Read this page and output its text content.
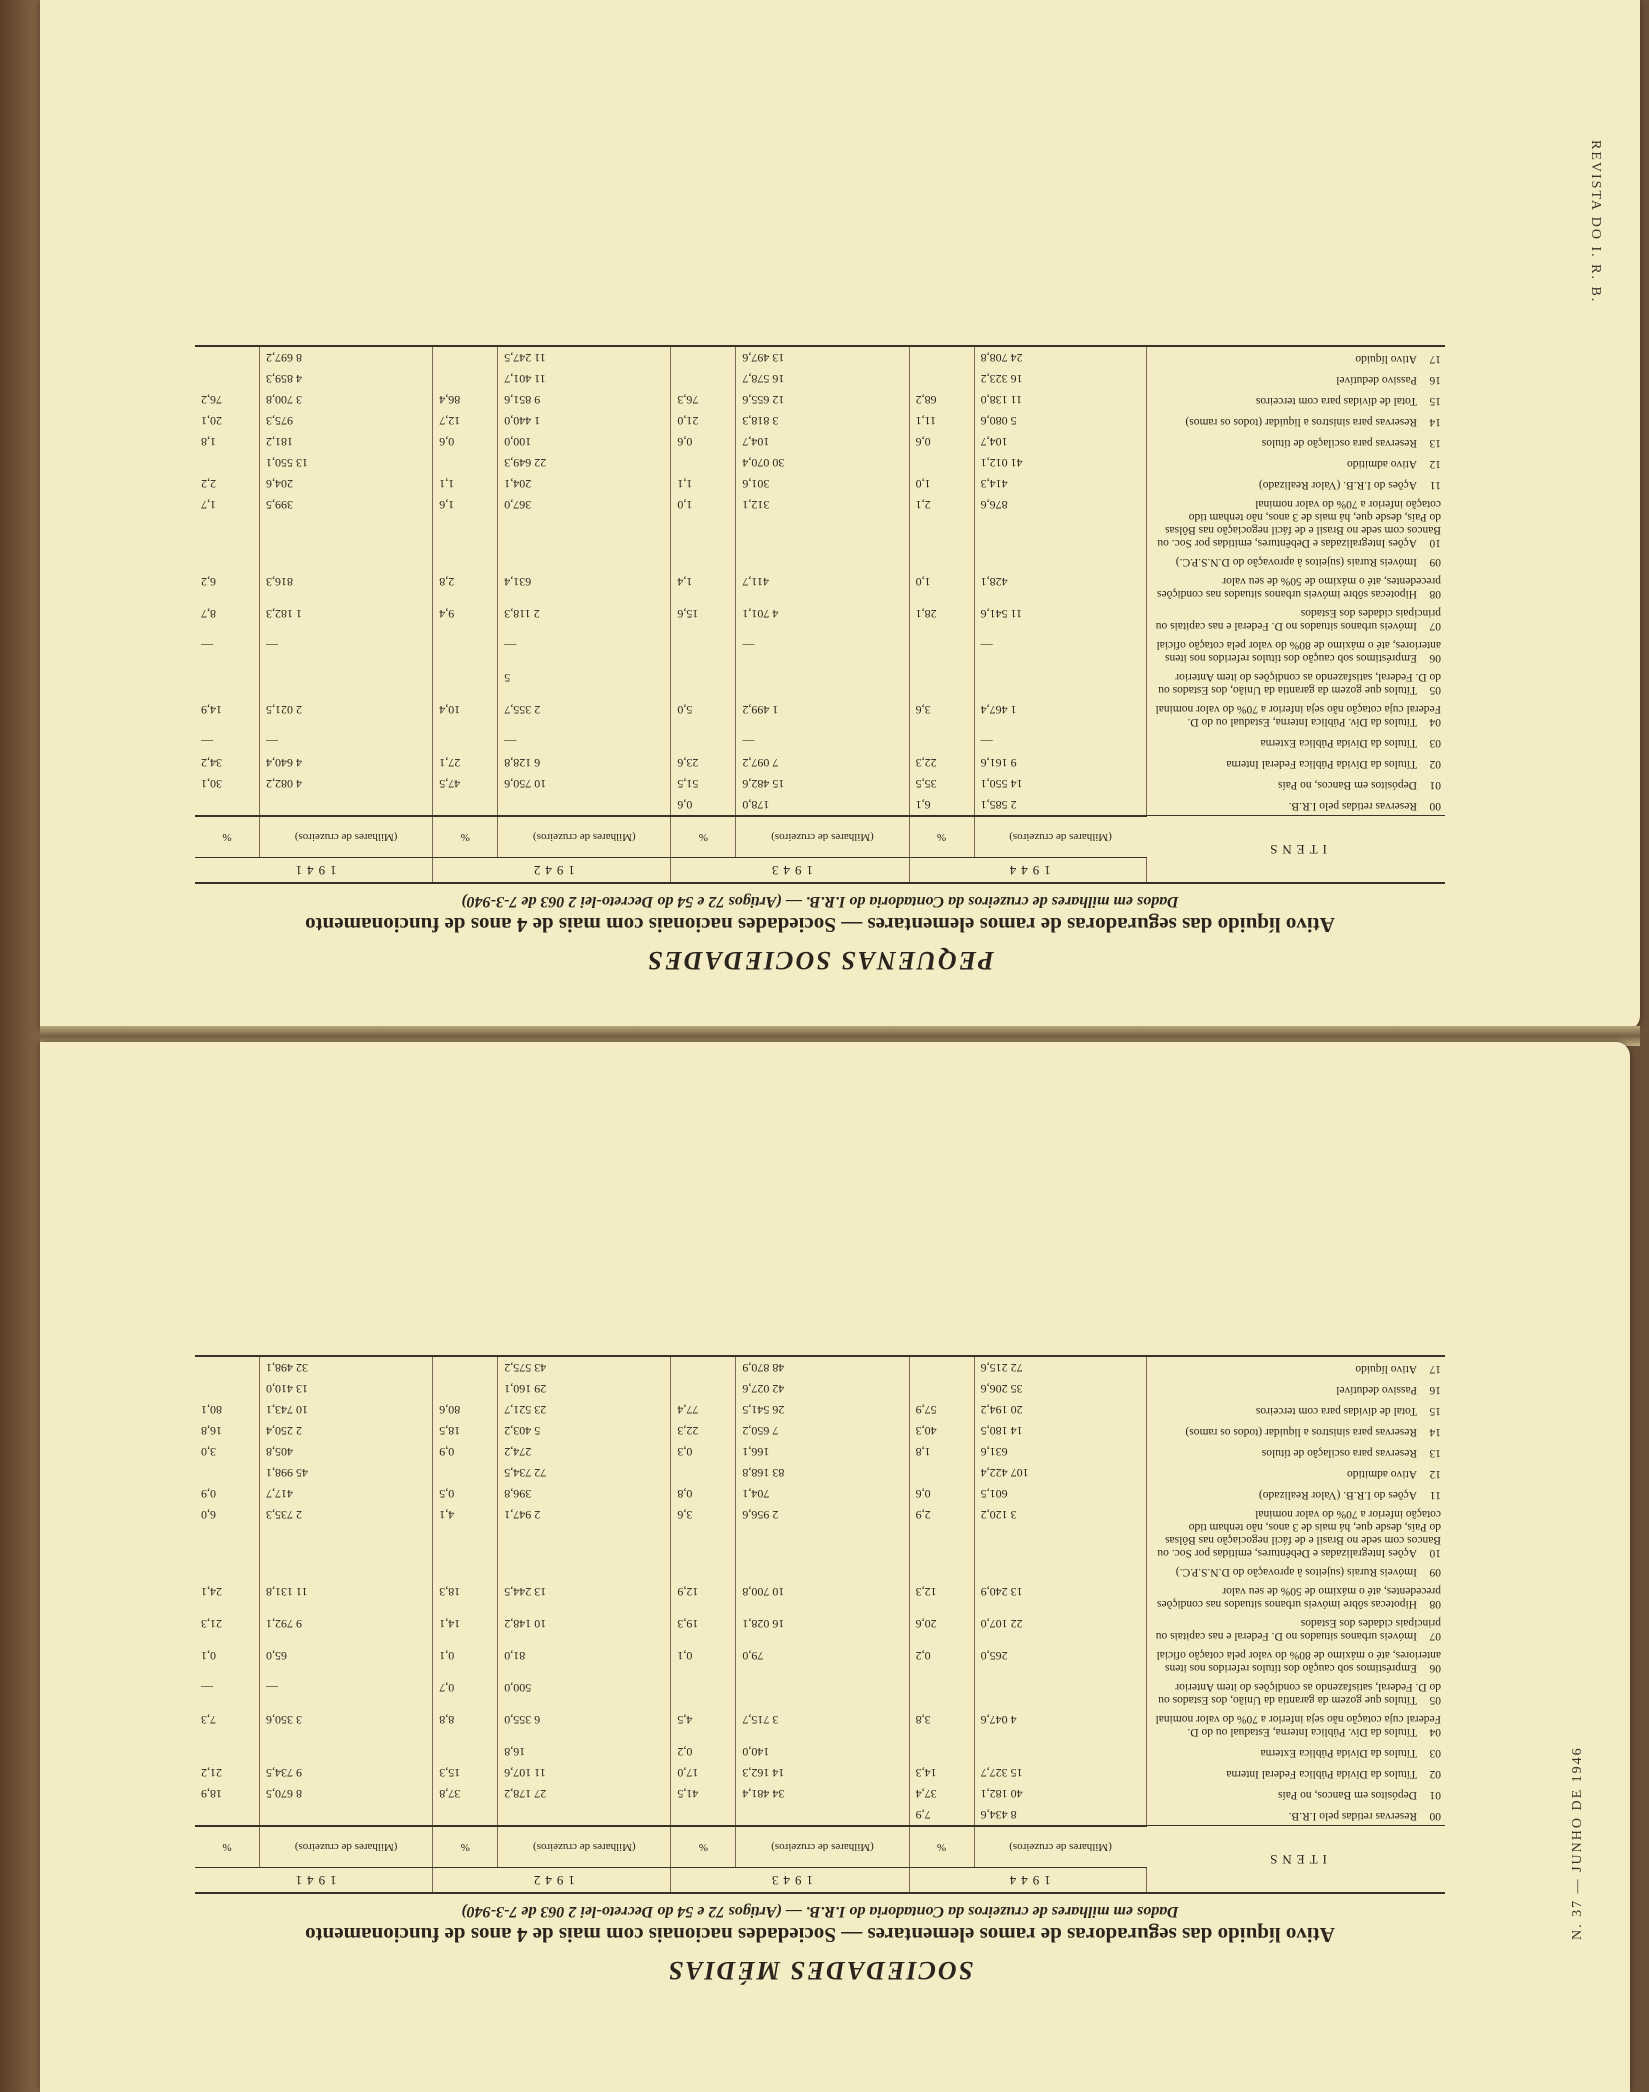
REVISTA DO I. R. B.
N. 37 — JUNHO DE 1946
PEQUENAS SOCIEDADES
Ativo líquido das seguradoras de ramos elementares — Sociedades nacionais com mais de 4 anos de funcionamento
Dados em milhares de cruzeiros da Contadoria do I.R.B. — (Artigos 72 e 54 do Decreto-lei 2 063 de 7-3-940)
ITENS	1944		1943		1942		1941	
	(Milhares de cruzeiros)	%	(Milhares de cruzeiros)	%	(Milhares de cruzeiros)	%	(Milhares de cruzeiros)	%
00Reservas retidas pelo I.R.B.	2 585,1	6,1	178,0	0,6				
01Depósitos em Bancos, no País	14 550,1	35,5	15 482,6	51,5	10 750,6	47,5	4 082,2	30,1
02Títulos da Dívida Pública Federal Interna	9 161,6	22,3	7 097,2	23,6	6 128,8	27,1	4 640,4	34,2
03Títulos da Dívida Pública Externa	—		—		—		—	—
04Títulos da Dív. Pública Interna, Estadual ou do D. Federal cuja cotação não seja inferior a 70% do valor nominal	1 467,4	3,6	1 499,2	5,0	2 355,7	10,4	2 021,5	14,9
05Títulos que gozem da garantia da União, dos Estados ou do D. Federal, satisfazendo as condições do item Anterior					5			
06Empréstimos sob caução dos títulos referidos nos itens anteriores, até o máximo de 80% do valor pela cotação oficial	—		—		—		—	—
07Imóveis urbanos situados no D. Federal e nas capitais ou principais cidades dos Estados	11 541,6	28,1	4 701,1	15,6	2 118,3	9,4	1 182,3	8,7
08Hipotecas sôbre imóveis urbanos situados nas condições precedentes, até o máximo de 50% de seu valor	428,1	1,0	411,7	1,4	631,4	2,8	816,3	6,2
09Imóveis Rurais (sujeitos à aprovação do D.N.S.P.C.)								
10Ações Integralizadas e Debêntures, emitidas por Soc. ou Bancos com sede no Brasil e de fácil negociação nas Bôlsas do País, desde que, há mais de 3 anos, não tenham tido cotação inferior a 70% do valor nominal	876,6	2,1	312,1	1,0	367,0	1,6	399,5	1,7
11Ações do I.R.B. (Valor Realizado)	414,3	1,0	301,6	1,1	204,1	1,1	204,6	2,2
12Ativo admitido	41 012,1		30 070,4		22 649,3		13 550,1	
13Reservas para oscilação de títulos	104,7	0,6	104,7	0,6	100,0	0,6	181,2	1,8
14Reservas para sinistros a liquidar (todos os ramos)	5 080,6	11,1	3 818,3	21,0	1 440,0	12,7	975,3	20,1
15Total de dívidas para com terceiros	11 138,0	68,2	12 655,6	76,3	9 851,6	86,4	3 700,8	76,2
16Passivo dedutível	16 323,2		16 578,7		11 401,7		4 859,3	
17Ativo líquido	24 708,8		13 497,6		11 247,5		8 697,2	
SOCIEDADES MÉDIAS
Ativo líquido das seguradoras de ramos elementares — Sociedades nacionais com mais de 4 anos de funcionamento
Dados em milhares de cruzeiros da Contadoria do I.R.B. — (Artigos 72 e 54 do Decreto-lei 2 063 de 7-3-940)
ITENS	1944		1943		1942		1941	
	(Milhares de cruzeiros)	%	(Milhares de cruzeiros)	%	(Milhares de cruzeiros)	%	(Milhares de cruzeiros)	%
00Reservas retidas pelo I.R.B.	8 434,6	7,9						
01Depósitos em Bancos, no País	40 182,1	37,4	34 481,4	41,5	27 178,2	37,8	8 670,5	18,9
02Títulos da Dívida Pública Federal Interna	15 327,7	14,3	14 162,3	17,0	11 107,6	15,3	9 734,5	21,2
03Títulos da Dívida Pública Externa			140,0	0,2	16,8			
04Títulos da Dív. Pública Interna, Estadual ou do D. Federal cuja cotação não seja inferior a 70% do valor nominal	4 047,6	3,8	3 715,7	4,5	6 355,0	8,8	3 350,6	7,3
05Títulos que gozem da garantia da União, dos Estados ou do D. Federal, satisfazendo as condições do item Anterior					500,0	0,7	—	—
06Empréstimos sob caução dos títulos referidos nos itens anteriores, até o máximo de 80% do valor pela cotação oficial	265,0	0,2	79,0	0,1	81,0	0,1	65,0	0,1
07Imóveis urbanos situados no D. Federal e nas capitais ou principais cidades dos Estados	22 107,0	20,6	16 028,1	19,3	10 148,2	14,1	9 792,1	21,3
08Hipotecas sôbre imóveis urbanos situados nas condições precedentes, até o máximo de 50% de seu valor	13 240,9	12,3	10 700,8	12,9	13 244,5	18,3	11 131,8	24,1
09Imóveis Rurais (sujeitos à aprovação do D.N.S.P.C.)								
10Ações Integralizadas e Debêntures, emitidas por Soc. ou Bancos com sede no Brasil e de fácil negociação nas Bôlsas do País, desde que, há mais de 3 anos, não tenham tido cotação inferior a 70% do valor nominal	3 120,2	2,9	2 956,6	3,6	2 947,1	4,1	2 735,3	6,0
11Ações do I.R.B. (Valor Realizado)	601,5	0,6	704,1	0,8	396,8	0,5	417,7	0,9
12Ativo admitido	107 422,4		83 168,8		72 734,5		45 998,1	
13Reservas para oscilação de títulos	631,6	1,8	166,1	0,3	274,2	0,9	405,8	3,0
14Reservas para sinistros a liquidar (todos os ramos)	14 180,5	40,3	7 650,2	22,3	5 403,2	18,5	2 250,4	16,8
15Total de dívidas para com terceiros	20 194,2	57,9	26 541,5	77,4	23 521,7	80,6	10 743,1	80,1
16Passivo dedutível	35 206,6		42 027,6		29 160,1		13 410,0	
17Ativo líquido	72 215,6		48 870,9		43 575,2		32 498,1	
